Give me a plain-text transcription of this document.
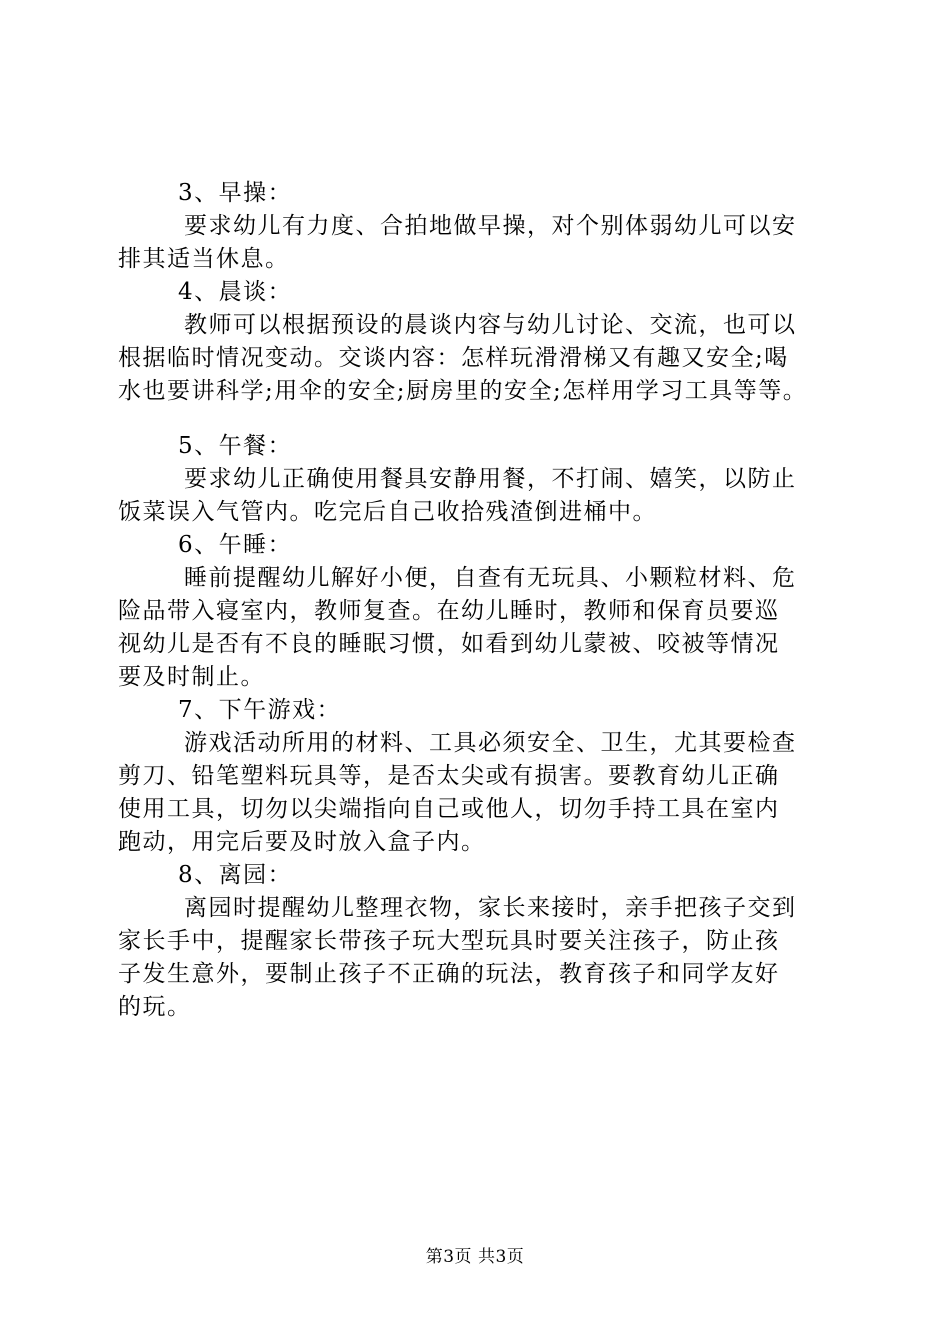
3、早操：
要求幼儿有力度、合拍地做早操，对个别体弱幼儿可以安
排其适当休息。
4、晨谈：
教师可以根据预设的晨谈内容与幼儿讨论、交流，也可以
根据临时情况变动。交谈内容：怎样玩滑滑梯又有趣又安全;喝
水也要讲科学;用伞的安全;厨房里的安全;怎样用学习工具等等。
5、午餐：
要求幼儿正确使用餐具安静用餐，不打闹、嬉笑，以防止
饭菜误入气管内。吃完后自己收拾残渣倒进桶中。
6、午睡：
睡前提醒幼儿解好小便，自查有无玩具、小颗粒材料、危
险品带入寝室内，教师复查。在幼儿睡时，教师和保育员要巡
视幼儿是否有不良的睡眠习惯，如看到幼儿蒙被、咬被等情况
要及时制止。
7、下午游戏：
游戏活动所用的材料、工具必须安全、卫生，尤其要检查
剪刀、铅笔塑料玩具等，是否太尖或有损害。要教育幼儿正确
使用工具，切勿以尖端指向自己或他人，切勿手持工具在室内
跑动，用完后要及时放入盒子内。
8、离园：
离园时提醒幼儿整理衣物，家长来接时，亲手把孩子交到
家长手中，提醒家长带孩子玩大型玩具时要关注孩子，防止孩
子发生意外，要制止孩子不正确的玩法，教育孩子和同学友好
的玩。
第3页 共3页
